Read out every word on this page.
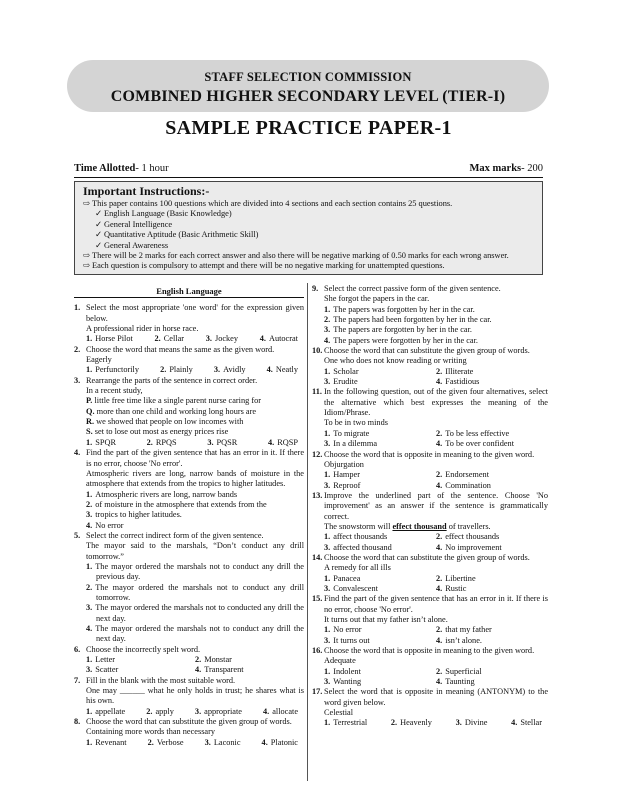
STAFF SELECTION COMMISSION
COMBINED HIGHER SECONDARY LEVEL (TIER-I)
SAMPLE PRACTICE PAPER-1
Time Allotted- 1 hour	Max marks- 200
Important Instructions:-
⇨ This paper contains 100 questions which are divided into 4 sections and each section contains 25 questions.
✓ English Language (Basic Knowledge)
✓ General Intelligence
✓ Quantitative Aptitude (Basic Arithmetic Skill)
✓ General Awareness
⇨ There will be 2 marks for each correct answer and also there will be negative marking of 0.50 marks for each wrong answer.
⇨ Each question is compulsory to attempt and there will be no negative marking for unattempted questions.
English Language
1. Select the most appropriate 'one word' for the expression given below.
A professional rider in horse race.
1. Horse Pilot	2. Cellar	3. Jockey	4. Autocrat
2. Choose the word that means the same as the given word.
Eagerly
1. Perfunctorily	2. Plainly	3. Avidly	4. Neatly
3. Rearrange the parts of the sentence in correct order.
In a recent study,
P. little free time like a single parent nurse caring for
Q. more than one child and working long hours are
R. we showed that people on low incomes with
S. set to lose out most as energy prices rise
1. SPQR	2. RPQS	3. PQSR	4. RQSP
4. Find the part of the given sentence that has an error in it. If there is no error, choose 'No error'.
Atmospheric rivers are long, narrow bands of moisture in the atmosphere that extends from the tropics to higher latitudes.
1. Atmospheric rivers are long, narrow bands
2. of moisture in the atmosphere that extends from the
3. tropics to higher latitudes.
4. No error
5. Select the correct indirect form of the given sentence.
The mayor said to the marshals, “Don’t conduct any drill tomorrow.”
1. The mayor ordered the marshals not to conduct any drill the previous day.
2. The mayor ordered the marshals not to conduct any drill tomorrow.
3. The mayor ordered the marshals not to conducted any drill the next day.
4. The mayor ordered the marshals not to conduct any drill the next day.
6. Choose the incorrectly spelt word.
1. Letter	2. Monstar
3. Scatter	4. Transparent
7. Fill in the blank with the most suitable word.
One may ______ what he only holds in trust; he shares what is his own.
1. appellate	2. apply	3. appropriate	4. allocate
8. Choose the word that can substitute the given group of words.
Containing more words than necessary
1. Revenant	2. Verbose	3. Laconic	4. Platonic
9. Select the correct passive form of the given sentence.
She forgot the papers in the car.
1. The papers was forgotten by her in the car.
2. The papers had been forgotten by her in the car.
3. The papers are forgotten by her in the car.
4. The papers were forgotten by her in the car.
10. Choose the word that can substitute the given group of words.
One who does not know reading or writing
1. Scholar	2. Illiterate
3. Erudite	4. Fastidious
11. In the following question, out of the given four alternatives, select the alternative which best expresses the meaning of the Idiom/Phrase.
To be in two minds
1. To migrate	2. To be less effective
3. In a dilemma	4. To be over confident
12. Choose the word that is opposite in meaning to the given word.
Objurgation
1. Hamper	2. Endorsement
3. Reproof	4. Commination
13. Improve the underlined part of the sentence. Choose 'No improvement' as an answer if the sentence is grammatically correct.
The snowstorm will effect thousand of travellers.
1. affect thousands	2. effect thousands
3. affected thousand	4. No improvement
14. Choose the word that can substitute the given group of words.
A remedy for all ills
1. Panacea	2. Libertine
3. Convalescent	4. Rustic
15. Find the part of the given sentence that has an error in it. If there is no error, choose 'No error'.
It turns out that my father isn’t alone.
1. No error	2. that my father
3. It turns out	4. isn’t alone.
16. Choose the word that is opposite in meaning to the given word.
Adequate
1. Indolent	2. Superficial
3. Wanting	4. Taunting
17. Select the word that is opposite in meaning (ANTONYM) to the word given below.
Celestial
1. Terrestrial	2. Heavenly	3. Divine	4. Stellar
